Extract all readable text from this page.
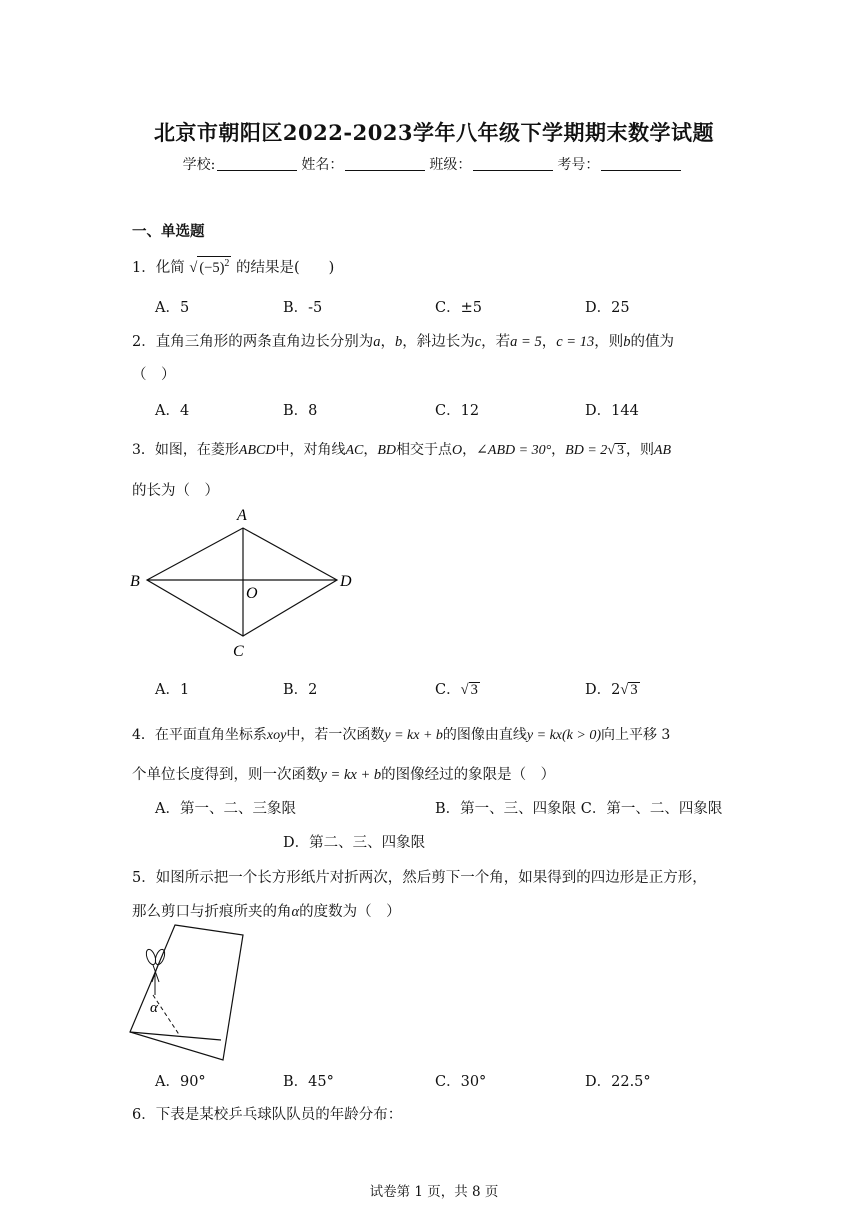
北京市朝阳区2022-2023学年八年级下学期期末数学试题
学校:	姓名：	班级：	考号：
一、单选题
1．化简 √ $(-5)^2$ 的结果是(　　)
A．5	B．-5	C．±5	D．25
2．直角三角形的两条直角边长分别为a，b，斜边长为c，若a = 5，c = 13，则b的值为
（　）
A．4	B．8	C．12	D．144
3．如图，在菱形ABCD中，对角线AC，BD相交于点O，∠ABD = 30°，BD = 2√ 3 ，则AB
的长为（　）
A
B	D
C
O
A．1	B．2	C．√ 3	D．2√ 3
4．在平面直角坐标系xoy中，若一次函数y = kx + b的图像由直线y = kx(k > 0)向上平移 3
个单位长度得到，则一次函数y = kx + b的图像经过的象限是（　）
A．第一、二、三象限	B．第一、三、四象限 C．第一、二、四象限
D．第二、三、四象限
5．如图所示把一个长方形纸片对折两次，然后剪下一个角，如果得到的四边形是正方形，
那么剪口与折痕所夹的角α的度数为（　）
α
A．90°	B．45°	C．30°	D．22.5°
6．下表是某校乒乓球队队员的年龄分布：
试卷第 1 页，共 8 页
